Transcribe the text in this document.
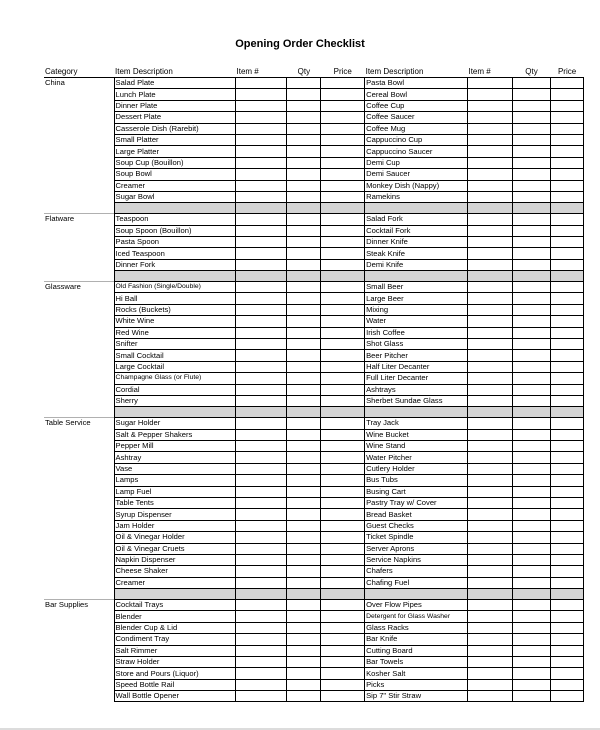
Opening Order Checklist
Category	Item Description	Item #	Qty	Price	Item Description	Item #	Qty	Price
China	Salad Plate				Pasta Bowl			
	Lunch Plate				Cereal Bowl			
	Dinner Plate				Coffee Cup			
	Dessert Plate				Coffee Saucer			
	Casserole Dish (Rarebit)				Coffee Mug			
	Small Platter				Cappuccino Cup			
	Large Platter				Cappuccino Saucer			
	Soup Cup (Bouillon)				Demi Cup			
	Soup Bowl				Demi Saucer			
	Creamer				Monkey Dish (Nappy)			
	Sugar Bowl				Ramekins			

Flatware	Teaspoon				Salad Fork			
	Soup Spoon (Bouillon)				Cocktail Fork			
	Pasta Spoon				Dinner Knife			
	Iced Teaspoon				Steak Knife			
	Dinner Fork				Demi Knife			

Glassware	Old Fashion (Single/Double)				Small Beer			
	Hi Ball				Large Beer			
	Rocks (Buckets)				Mixing			
	White Wine				Water			
	Red Wine				Irish Coffee			
	Snifter				Shot Glass			
	Small Cocktail				Beer Pitcher			
	Large Cocktail				Half Liter Decanter			
	Champagne Glass (or Flute)				Full Liter Decanter			
	Cordial				Ashtrays			
	Sherry				Sherbet Sundae Glass			

Table Service	Sugar Holder				Tray Jack			
	Salt & Pepper Shakers				Wine Bucket			
	Pepper Mill				Wine Stand			
	Ashtray				Water Pitcher			
	Vase				Cutlery Holder			
	Lamps				Bus Tubs			
	Lamp Fuel				Busing Cart			
	Table Tents				Pastry Tray w/ Cover			
	Syrup Dispenser				Bread Basket			
	Jam Holder				Guest Checks			
	Oil & Vinegar Holder				Ticket Spindle			
	Oil & Vinegar Cruets				Server Aprons			
	Napkin Dispenser				Service Napkins			
	Cheese Shaker				Chafers			
	Creamer				Chafing Fuel			

Bar Supplies	Cocktail Trays				Over Flow Pipes			
	Blender				Detergent for Glass Washer			
	Blender Cup & Lid				Glass Racks			
	Condiment Tray				Bar Knife			
	Salt Rimmer				Cutting Board			
	Straw Holder				Bar Towels			
	Store and Pours (Liquor)				Kosher Salt			
	Speed Bottle Rail				Picks			
	Wall Bottle Opener				Sip 7" Stir Straw			
